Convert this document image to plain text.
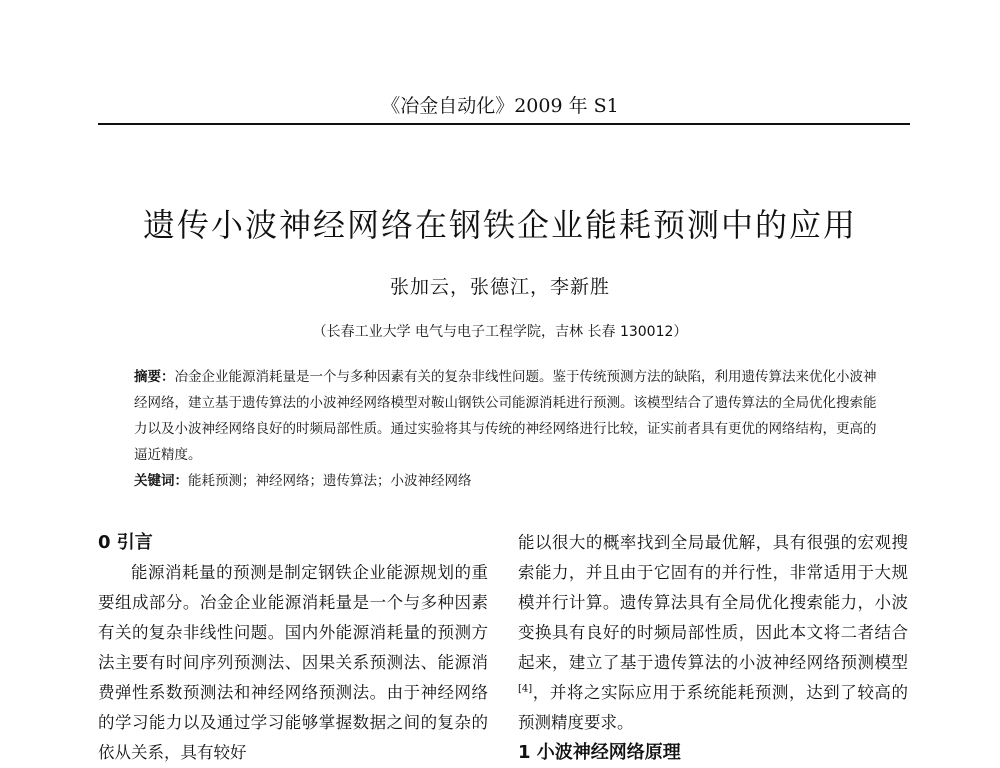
《冶金自动化》2009 年 S1
遗传小波神经网络在钢铁企业能耗预测中的应用
张加云，张德江，李新胜
（长春工业大学 电气与电子工程学院，吉林 长春 130012）
摘要：冶金企业能源消耗量是一个与多种因素有关的复杂非线性问题。鉴于传统预测方法的缺陷，利用遗传算法来优化小波神经网络，建立基于遗传算法的小波神经网络模型对鞍山钢铁公司能源消耗进行预测。该模型结合了遗传算法的全局优化搜索能力以及小波神经网络良好的时频局部性质。通过实验将其与传统的神经网络进行比较，证实前者具有更优的网络结构，更高的逼近精度。
关键词：能耗预测；神经网络；遗传算法；小波神经网络
0 引言

能源消耗量的预测是制定钢铁企业能源规划的重要组成部分。冶金企业能源消耗量是一个与多种因素有关的复杂非线性问题。国内外能源消耗量的预测方法主要有时间序列预测法、因果关系预测法、能源消费弹性系数预测法和神经网络预测法。由于神经网络的学习能力以及通过学习能够掌握数据之间的复杂的依从关系，具有较好

能以很大的概率找到全局最优解，具有很强的宏观搜索能力，并且由于它固有的并行性，非常适用于大规模并行计算。遗传算法具有全局优化搜索能力，小波变换具有良好的时频局部性质，因此本文将二者结合起来，建立了基于遗传算法的小波神经网络预测模型[4]，并将之实际应用于系统能耗预测，达到了较高的预测精度要求。

1 小波神经网络原理
